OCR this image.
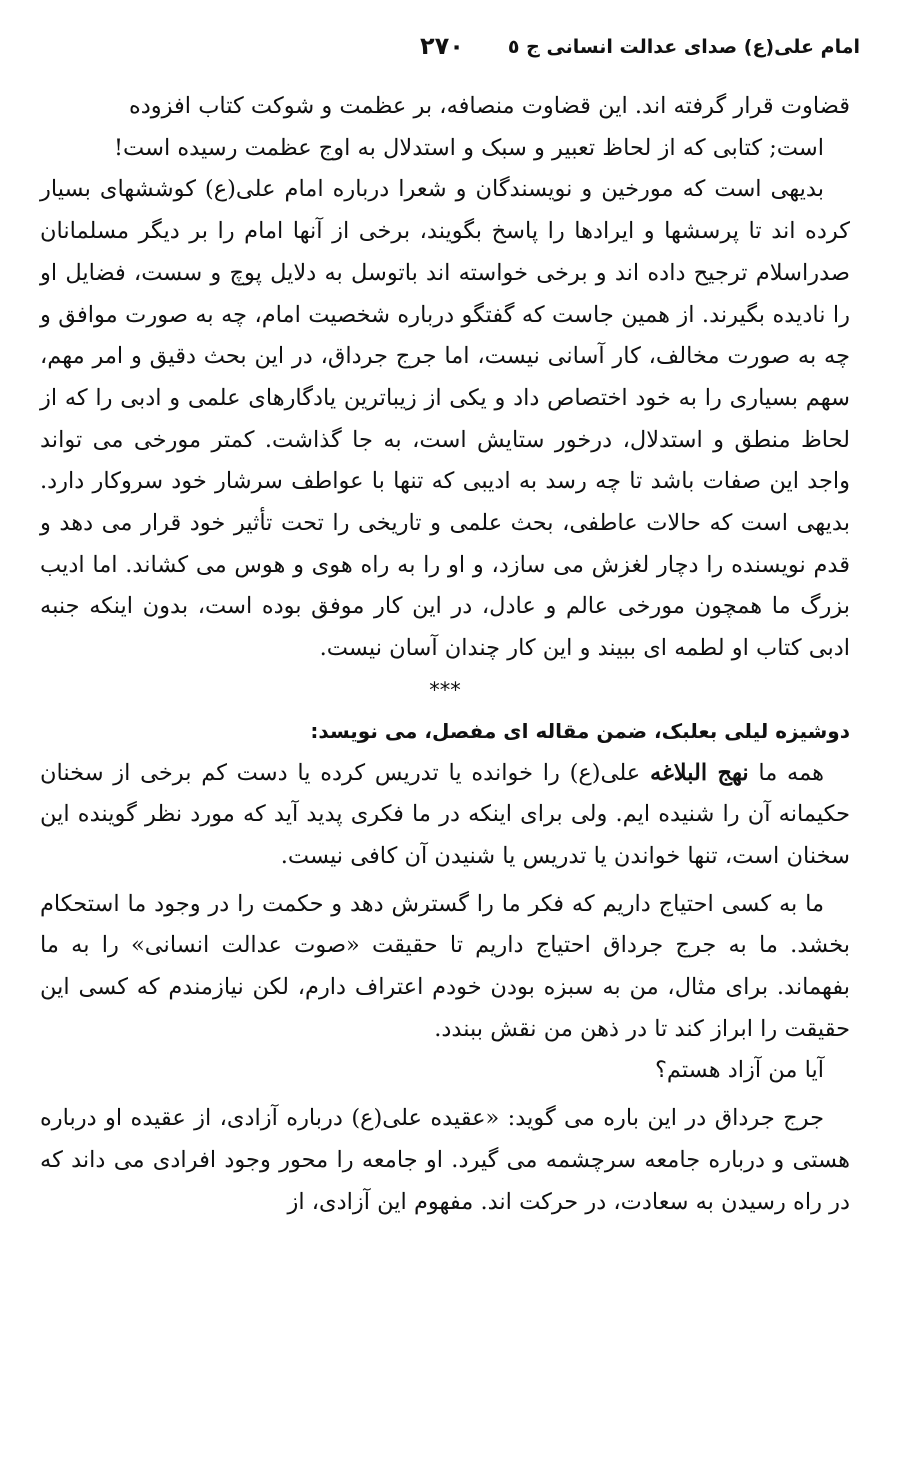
امام علی(ع) صدای عدالت انسانی ج ٥
٢٧٠

قضاوت قرار گرفته اند. این قضاوت منصافه، بر عظمت و شوکت کتاب افزوده

است; کتابی که از لحاظ تعبیر و سبک و استدلال به اوج عظمت رسیده است!

بدیهی است که مورخین و نویسندگان و شعرا درباره امام علی(ع) کوششهای بسیار کرده اند تا پرسشها و ایرادها را پاسخ بگویند، برخی از آنها امام را بر دیگر مسلمانان صدراسلام ترجیح داده اند و برخی خواسته اند باتوسل به دلایل پوچ و سست، فضایل او را نادیده بگیرند. از همین جاست که گفتگو درباره شخصیت امام، چه به صورت موافق و چه به صورت مخالف، کار آسانی نیست، اما جرج جرداق، در این بحث دقیق و امر مهم، سهم بسیاری را به خود اختصاص داد و یکی از زیباترین یادگارهای علمی و ادبی را که از لحاظ منطق و استدلال، درخور ستایش است، به جا گذاشت. کمتر مورخی می تواند واجد این صفات باشد تا چه رسد به ادیبی که تنها با عواطف سرشار خود سروکار دارد. بدیهی است که حالات عاطفی، بحث علمی و تاریخی را تحت تأثیر خود قرار می دهد و قدم نویسنده را دچار لغزش می سازد، و او را به راه هوی و هوس می کشاند. اما ادیب بزرگ ما همچون مورخی عالم و عادل، در این کار موفق بوده است، بدون اینکه جنبه ادبی کتاب او لطمه ای ببیند و این کار چندان آسان نیست.

***

دوشیزه لیلی بعلبک، ضمن مقاله ای مفصل، می نویسد:

همه ما نهج البلاغه علی(ع) را خوانده یا تدریس کرده یا دست کم برخی از سخنان حکیمانه آن را شنیده ایم. ولی برای اینکه در ما فکری پدید آید که مورد نظر گوینده این سخنان است، تنها خواندن یا تدریس یا شنیدن آن کافی نیست.

ما به کسی احتیاج داریم که فکر ما را گسترش دهد و حکمت را در وجود ما استحکام بخشد. ما به جرج جرداق احتیاج داریم تا حقیقت «صوت عدالت انسانی» را به ما بفهماند. برای مثال، من به سبزه بودن خودم اعتراف دارم، لکن نیازمندم که کسی این حقیقت را ابراز کند تا در ذهن من نقش ببندد.

آیا من آزاد هستم؟

جرج جرداق در این باره می گوید: «عقیده علی(ع) درباره آزادی، از عقیده او درباره هستی و درباره جامعه سرچشمه می گیرد. او جامعه را محور وجود افرادی می داند که در راه رسیدن به سعادت، در حرکت اند. مفهوم این آزادی، از
